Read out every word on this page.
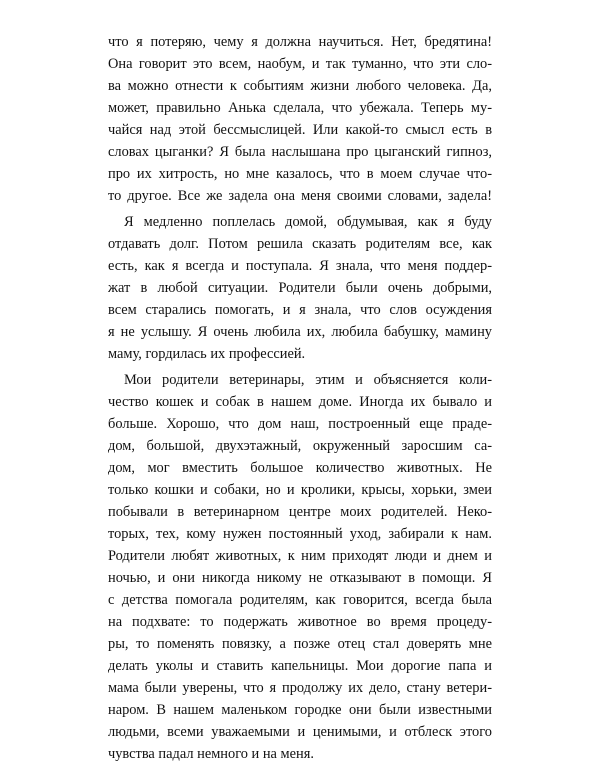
что я потеряю, чему я должна научиться. Нет, бредятина!
Она говорит это всем, наобум, и так туманно, что эти сло-
ва можно отнести к событиям жизни любого человека. Да,
может, правильно Анька сделала, что убежала. Теперь му-
чайся над этой бессмыслицей. Или какой-то смысл есть в
словах цыганки? Я была наслышана про цыганский гипноз,
про их хитрость, но мне казалось, что в моем случае что-
то другое. Все же задела она меня своими словами, задела!
Я медленно поплелась домой, обдумывая, как я буду
отдавать долг. Потом решила сказать родителям все, как
есть, как я всегда и поступала. Я знала, что меня поддер-
жат в любой ситуации. Родители были очень добрыми,
всем старались помогать, и я знала, что слов осуждения
я не услышу. Я очень любила их, любила бабушку, мамину
маму, гордилась их профессией.
Мои родители ветеринары, этим и объясняется коли-
чество кошек и собак в нашем доме. Иногда их бывало и
больше. Хорошо, что дом наш, построенный еще праде-
дом, большой, двухэтажный, окруженный заросшим са-
дом, мог вместить большое количество животных. Не
только кошки и собаки, но и кролики, крысы, хорьки, змеи
побывали в ветеринарном центре моих родителей. Неко-
торых, тех, кому нужен постоянный уход, забирали к нам.
Родители любят животных, к ним приходят люди и днем и
ночью, и они никогда никому не отказывают в помощи. Я
с детства помогала родителям, как говорится, всегда была
на подхвате: то подержать животное во время процеду-
ры, то поменять повязку, а позже отец стал доверять мне
делать уколы и ставить капельницы. Мои дорогие папа и
мама были уверены, что я продолжу их дело, стану ветери-
наром. В нашем маленьком городке они были известными
людьми, всеми уважаемыми и ценимыми, и отблеск этого
чувства падал немного и на меня.
